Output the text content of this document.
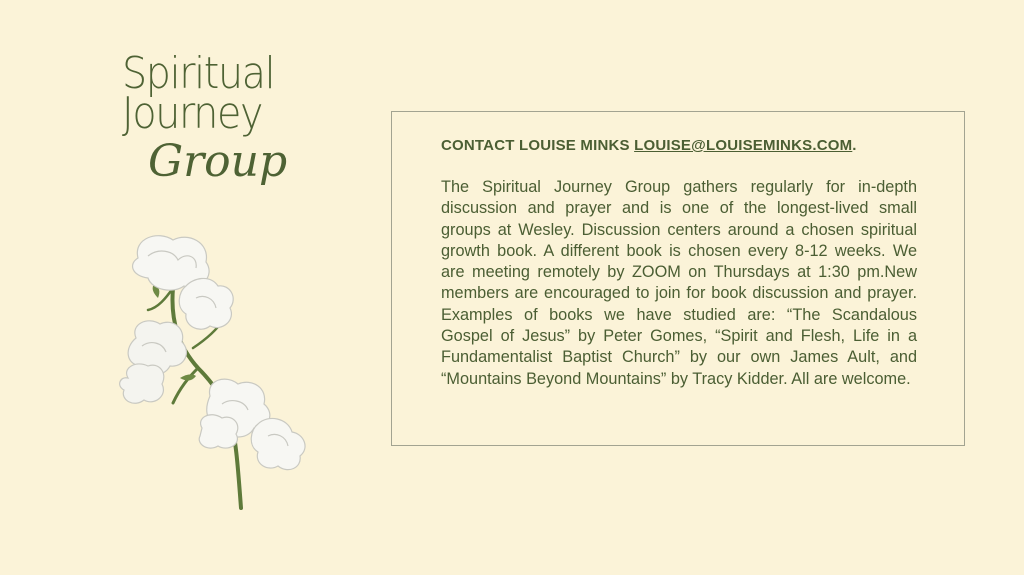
Spiritual
Journey
Group	CONTACT LOUISE MINKS LOUISE@LOUISEMINKS.COM.
The Spiritual Journey Group gathers regularly for in-depth discussion and prayer and is one of the longest-lived small groups at Wesley. Discussion centers around a chosen spiritual growth book. A different book is chosen every 8-12 weeks. We are meeting remotely by ZOOM on Thursdays at 1:30 pm.New members are encouraged to join for book discussion and prayer. Examples of books we have studied are: “The Scandalous Gospel of Jesus” by Peter Gomes, “Spirit and Flesh, Life in a Fundamentalist Baptist Church” by our own James Ault, and “Mountains Beyond Mountains” by Tracy Kidder. All are welcome.
